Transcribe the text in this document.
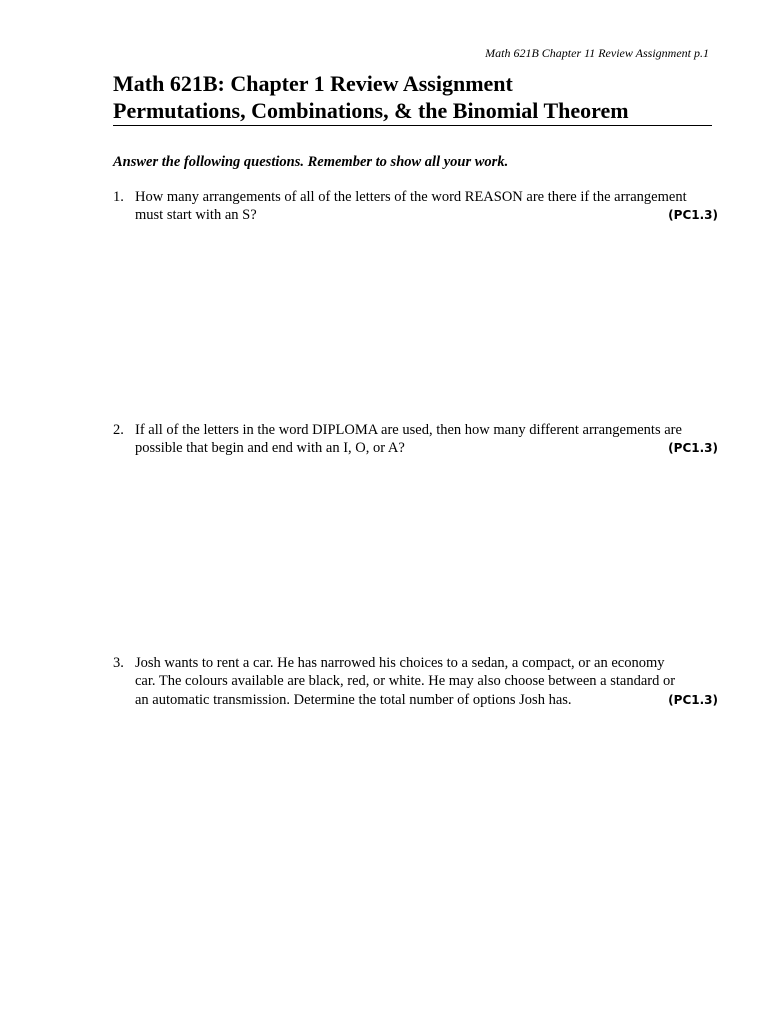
Math 621B Chapter 11 Review Assignment p.1
Math 621B: Chapter 1 Review Assignment
Permutations, Combinations, & the Binomial Theorem
Answer the following questions. Remember to show all your work.
1. How many arrangements of all of the letters of the word REASON are there if the arrangement
must start with an S?	(PC1.3)
2. If all of the letters in the word DIPLOMA are used, then how many different arrangements are
possible that begin and end with an I, O, or A?	(PC1.3)
3. Josh wants to rent a car. He has narrowed his choices to a sedan, a compact, or an economy
car. The colours available are black, red, or white. He may also choose between a standard or
an automatic transmission. Determine the total number of options Josh has.	(PC1.3)
